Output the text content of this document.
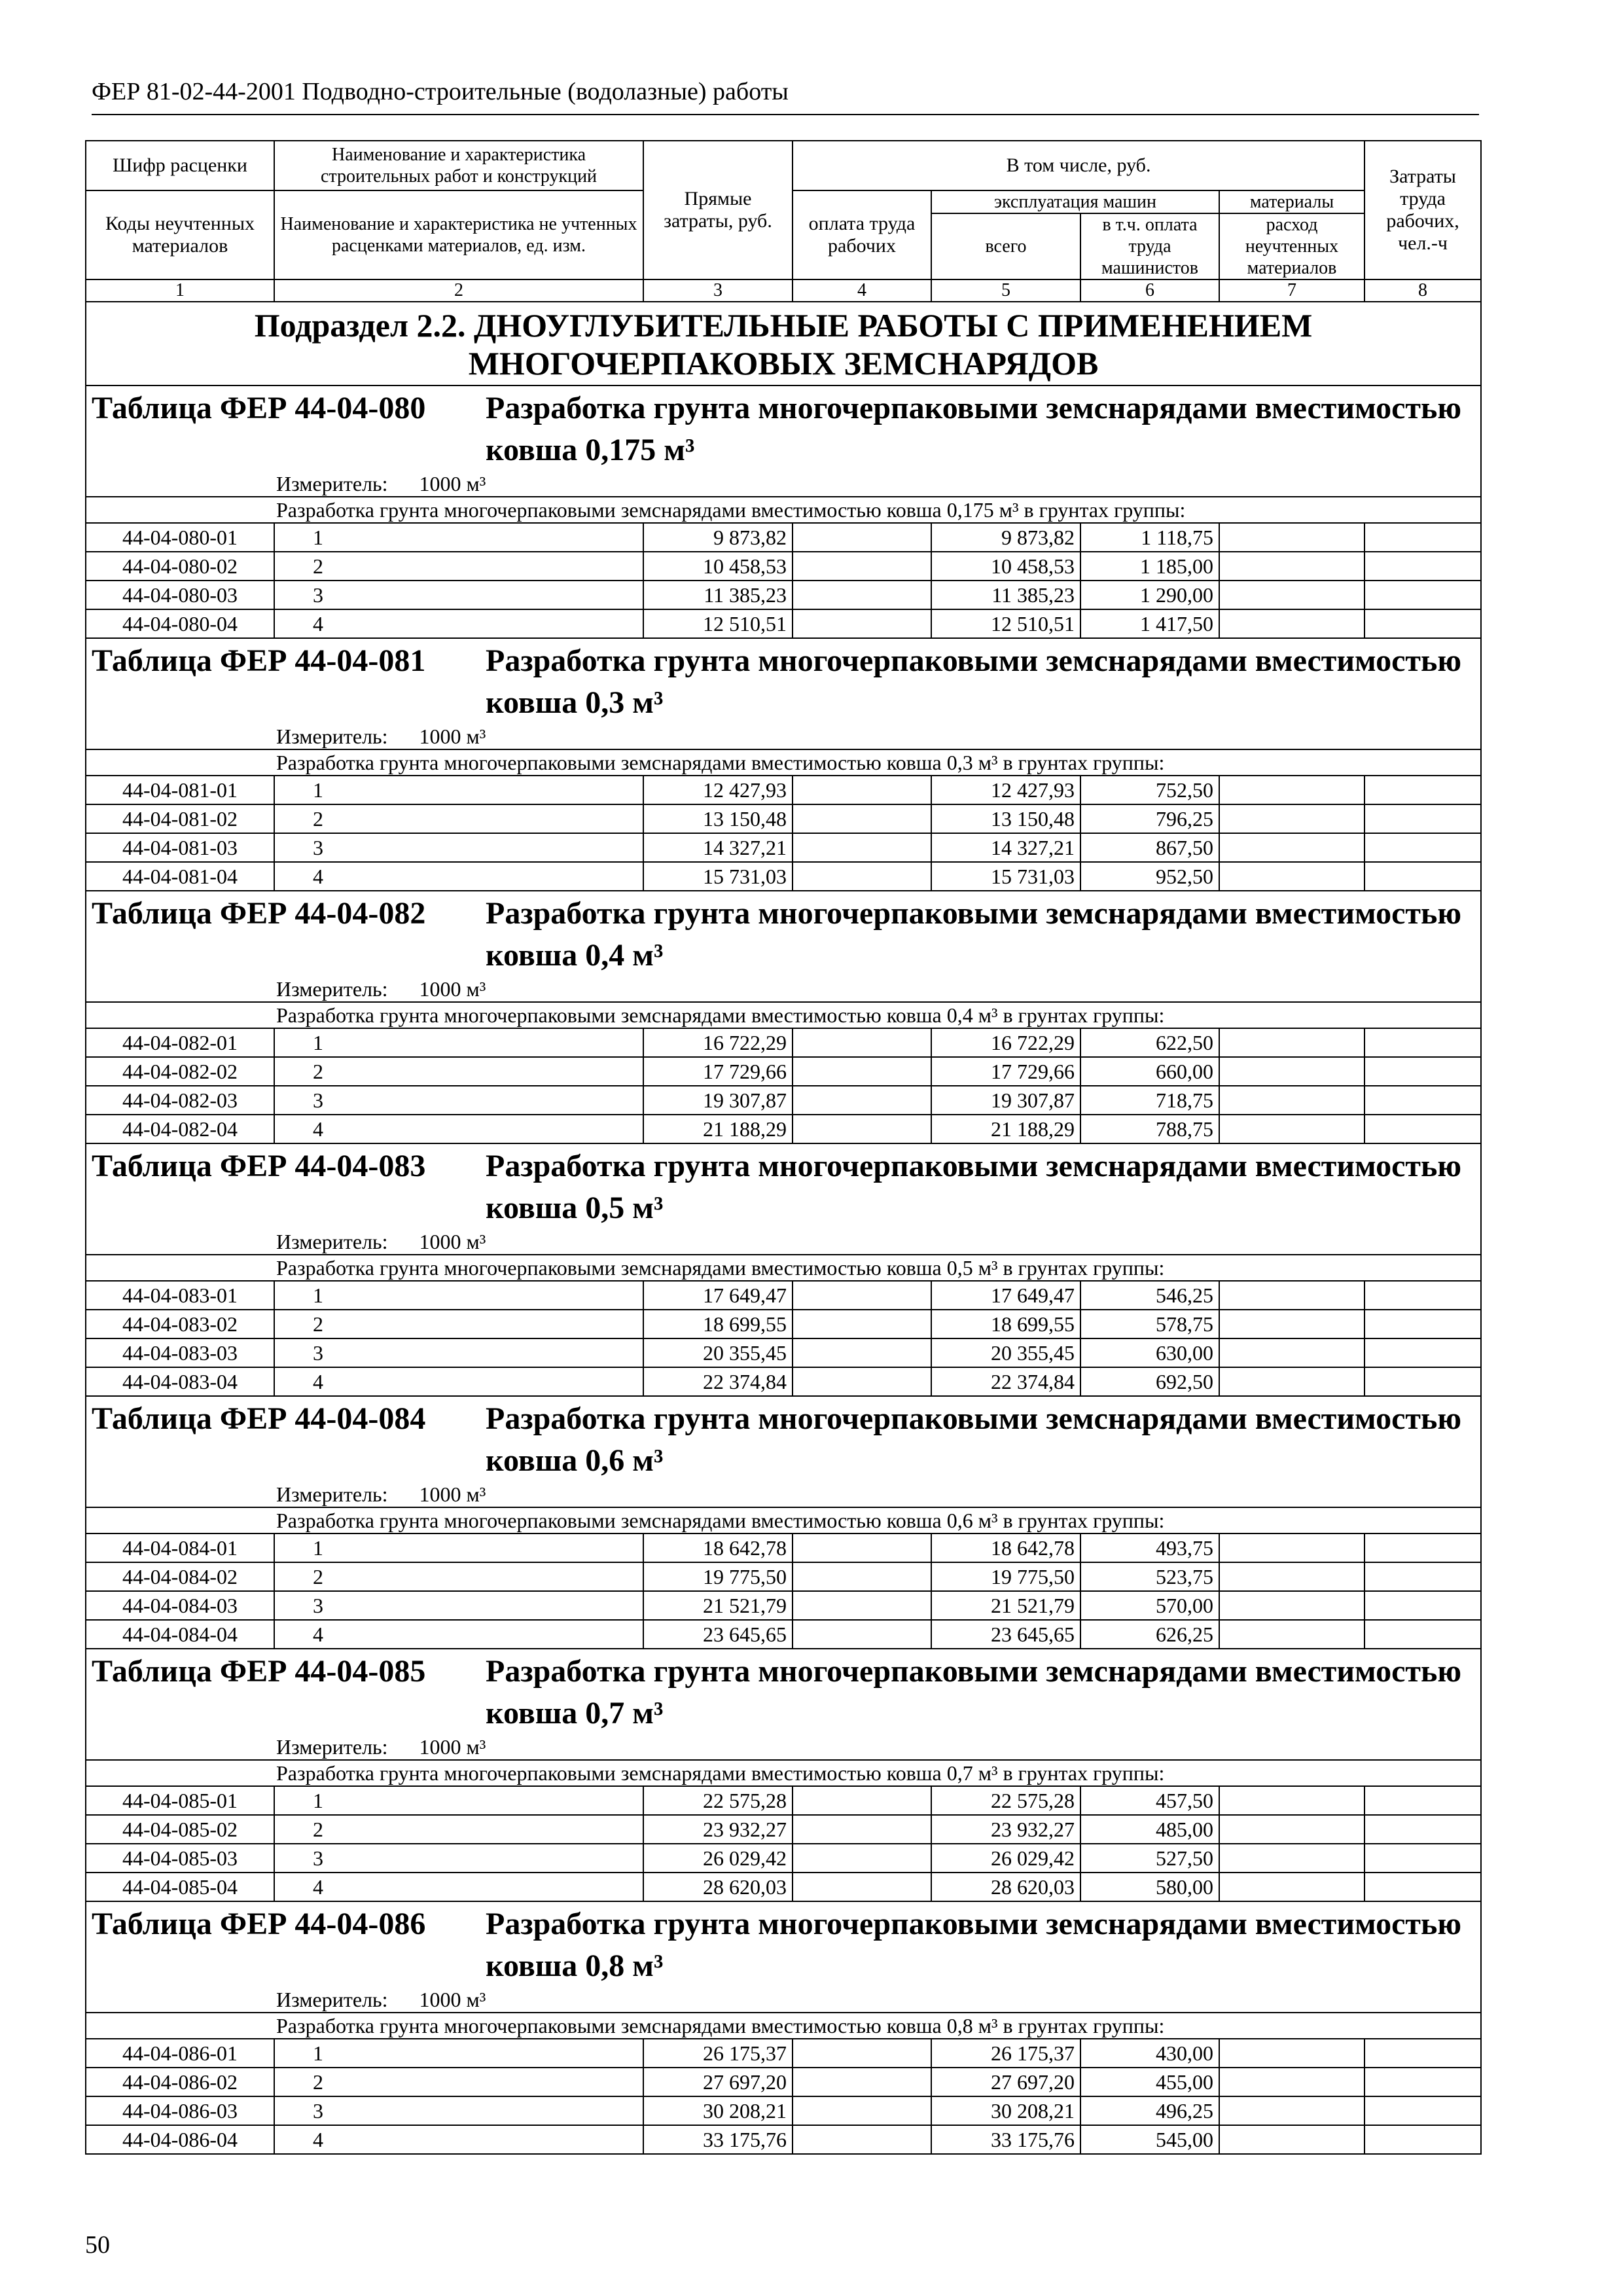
ФЕР 81-02-44-2001 Подводно-строительные (водолазные) работы
Шифр расценки	Наименование и характеристика строительных работ и конструкций	Прямые затраты, руб.	В том числе, руб.				Затраты труда рабочих, чел.-ч
Коды неучтенных материалов	Наименование и характеристика не учтенных расценками материалов, ед. изм.		оплата труда рабочих	эксплуатация машин		материалы	
				всего	в т.ч. оплата труда машинистов	расход неучтенных материалов	
1	2	3	4	5	6	7	8
Подраздел 2.2. ДНОУГЛУБИТЕЛЬНЫЕ РАБОТЫ С ПРИМЕНЕНИЕМ МНОГОЧЕРПАКОВЫХ ЗЕМСНАРЯДОВ							

Таблица ФЕР 44-04-080 Разработка грунта многочерпаковыми земснарядами вместимостью ковша 0,175 м³							

Измеритель: 1000 м³							
Разработка грунта многочерпаковыми земснарядами вместимостью ковша 0,175 м³ в грунтах группы:							
44-04-080-01	1	9 873,82		9 873,82	1 118,75		
44-04-080-02	2	10 458,53		10 458,53	1 185,00		
44-04-080-03	3	11 385,23		11 385,23	1 290,00		
44-04-080-04	4	12 510,51		12 510,51	1 417,50		

Таблица ФЕР 44-04-081 Разработка грунта многочерпаковыми земснарядами вместимостью ковша 0,3 м³							

Измеритель: 1000 м³							
Разработка грунта многочерпаковыми земснарядами вместимостью ковша 0,3 м³ в грунтах группы:							
44-04-081-01	1	12 427,93		12 427,93	752,50		
44-04-081-02	2	13 150,48		13 150,48	796,25		
44-04-081-03	3	14 327,21		14 327,21	867,50		
44-04-081-04	4	15 731,03		15 731,03	952,50		

Таблица ФЕР 44-04-082 Разработка грунта многочерпаковыми земснарядами вместимостью ковша 0,4 м³							

Измеритель: 1000 м³							
Разработка грунта многочерпаковыми земснарядами вместимостью ковша 0,4 м³ в грунтах группы:							
44-04-082-01	1	16 722,29		16 722,29	622,50		
44-04-082-02	2	17 729,66		17 729,66	660,00		
44-04-082-03	3	19 307,87		19 307,87	718,75		
44-04-082-04	4	21 188,29		21 188,29	788,75		

Таблица ФЕР 44-04-083 Разработка грунта многочерпаковыми земснарядами вместимостью ковша 0,5 м³							

Измеритель: 1000 м³							
Разработка грунта многочерпаковыми земснарядами вместимостью ковша 0,5 м³ в грунтах группы:							
44-04-083-01	1	17 649,47		17 649,47	546,25		
44-04-083-02	2	18 699,55		18 699,55	578,75		
44-04-083-03	3	20 355,45		20 355,45	630,00		
44-04-083-04	4	22 374,84		22 374,84	692,50		

Таблица ФЕР 44-04-084 Разработка грунта многочерпаковыми земснарядами вместимостью ковша 0,6 м³							

Измеритель: 1000 м³							
Разработка грунта многочерпаковыми земснарядами вместимостью ковша 0,6 м³ в грунтах группы:							
44-04-084-01	1	18 642,78		18 642,78	493,75		
44-04-084-02	2	19 775,50		19 775,50	523,75		
44-04-084-03	3	21 521,79		21 521,79	570,00		
44-04-084-04	4	23 645,65		23 645,65	626,25		

Таблица ФЕР 44-04-085 Разработка грунта многочерпаковыми земснарядами вместимостью ковша 0,7 м³							

Измеритель: 1000 м³							
Разработка грунта многочерпаковыми земснарядами вместимостью ковша 0,7 м³ в грунтах группы:							
44-04-085-01	1	22 575,28		22 575,28	457,50		
44-04-085-02	2	23 932,27		23 932,27	485,00		
44-04-085-03	3	26 029,42		26 029,42	527,50		
44-04-085-04	4	28 620,03		28 620,03	580,00		

Таблица ФЕР 44-04-086 Разработка грунта многочерпаковыми земснарядами вместимостью ковша 0,8 м³							

Измеритель: 1000 м³							
Разработка грунта многочерпаковыми земснарядами вместимостью ковша 0,8 м³ в грунтах группы:							
44-04-086-01	1	26 175,37		26 175,37	430,00		
44-04-086-02	2	27 697,20		27 697,20	455,00		
44-04-086-03	3	30 208,21		30 208,21	496,25		
44-04-086-04	4	33 175,76		33 175,76	545,00		
50
